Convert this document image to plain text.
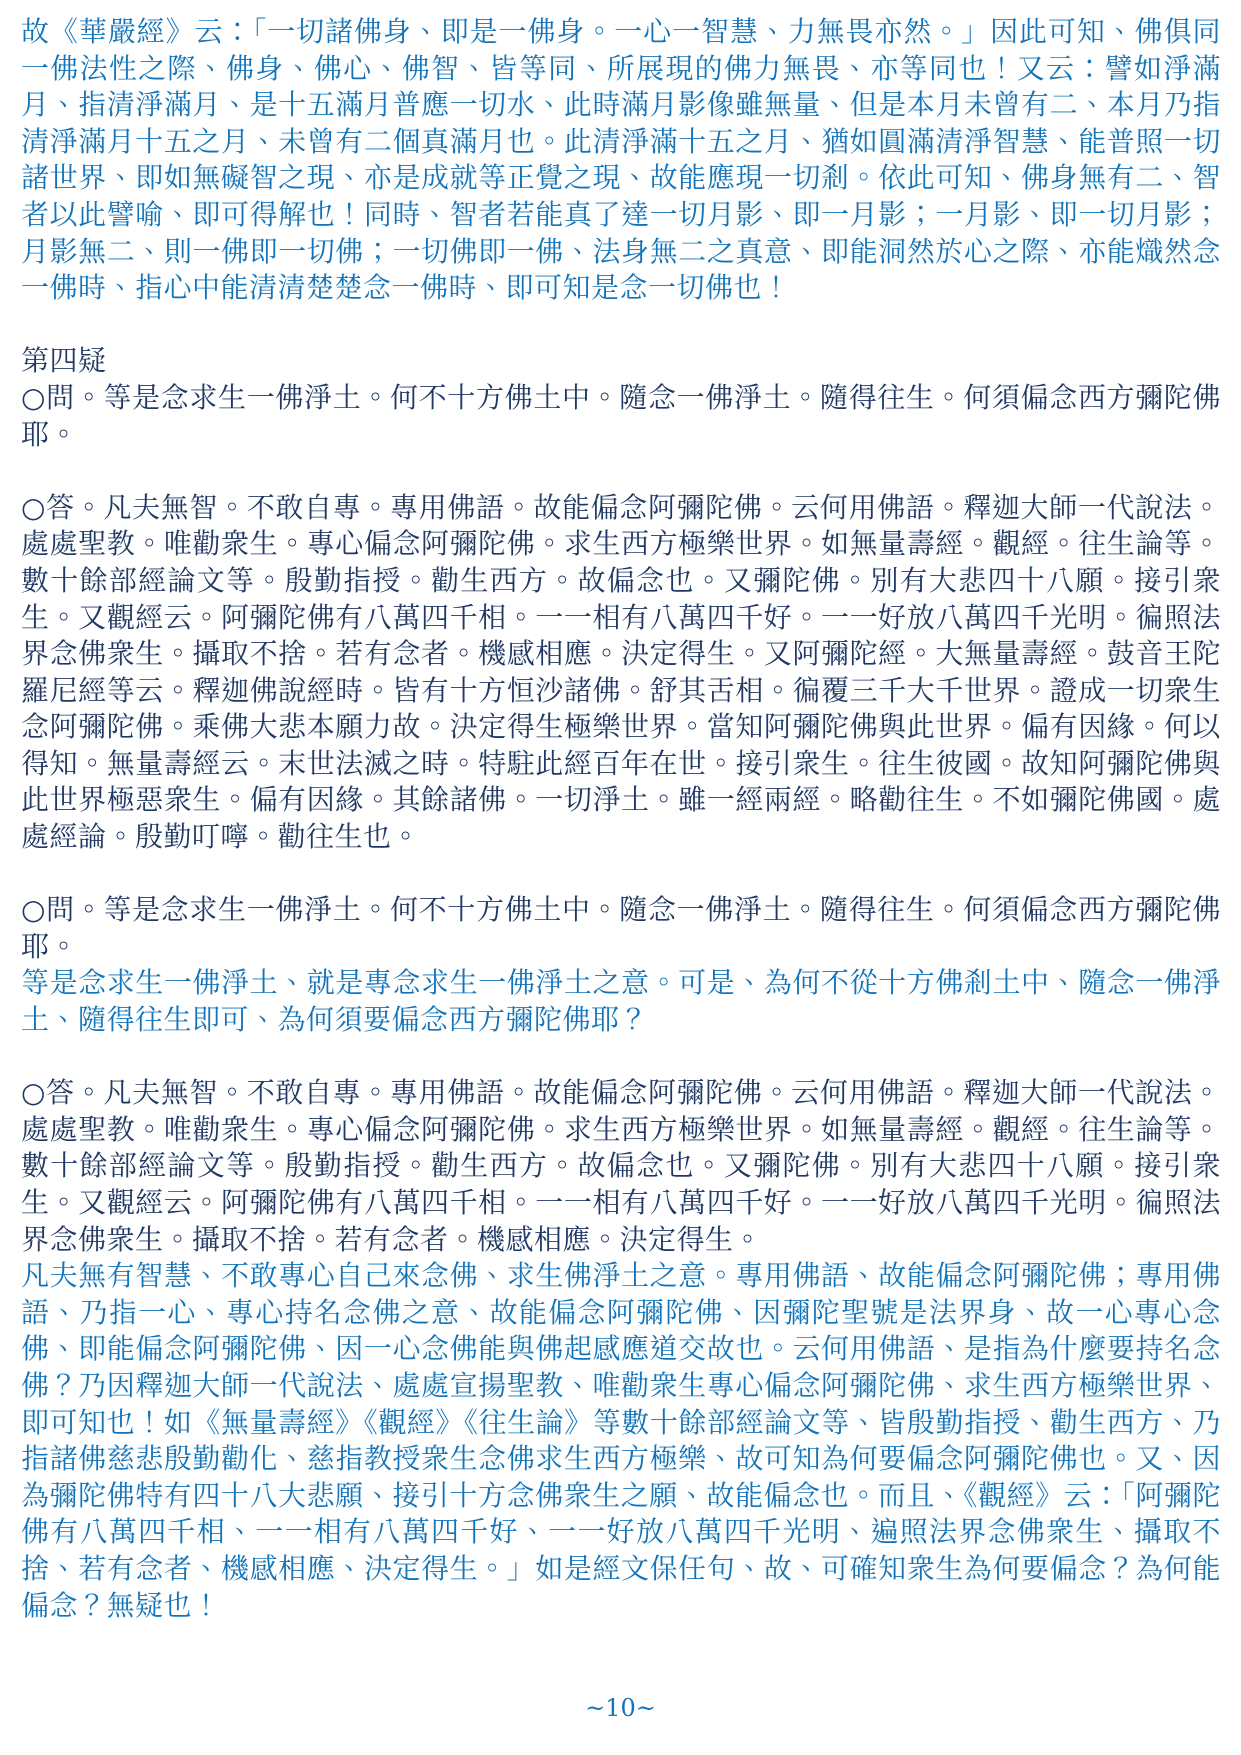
故《華嚴經》云：「一切諸佛身、即是一佛身。一心一智慧、力無畏亦然。」因此可知、佛俱同一佛法性之際、佛身、佛心、佛智、皆等同、所展現的佛力無畏、亦等同也！又云：譬如淨滿月、指清淨滿月、是十五滿月普應一切水、此時滿月影像雖無量、但是本月未曾有二、本月乃指清淨滿月十五之月、未曾有二個真滿月也。此清淨滿十五之月、猶如圓滿清淨智慧、能普照一切諸世界、即如無礙智之現、亦是成就等正覺之現、故能應現一切剎。依此可知、佛身無有二、智者以此譬喻、即可得解也！同時、智者若能真了達一切月影、即一月影；一月影、即一切月影；月影無二、則一佛即一切佛；一切佛即一佛、法身無二之真意、即能洞然於心之際、亦能熾然念一佛時、指心中能清清楚楚念一佛時、即可知是念一切佛也！

第四疑

○問。等是念求生一佛淨土。何不十方佛土中。隨念一佛淨土。隨得往生。何須偏念西方彌陀佛耶。

○答。凡夫無智。不敢自專。專用佛語。故能偏念阿彌陀佛。云何用佛語。釋迦大師一代說法。處處聖教。唯勸衆生。專心偏念阿彌陀佛。求生西方極樂世界。如無量壽經。觀經。往生論等。數十餘部經論文等。殷勤指授。勸生西方。故偏念也。又彌陀佛。別有大悲四十八願。接引衆生。又觀經云。阿彌陀佛有八萬四千相。一一相有八萬四千好。一一好放八萬四千光明。徧照法界念佛衆生。攝取不捨。若有念者。機感相應。決定得生。又阿彌陀經。大無量壽經。鼓音王陀羅尼經等云。釋迦佛說經時。皆有十方恒沙諸佛。舒其舌相。徧覆三千大千世界。證成一切衆生念阿彌陀佛。乘佛大悲本願力故。決定得生極樂世界。當知阿彌陀佛與此世界。偏有因緣。何以得知。無量壽經云。末世法滅之時。特駐此經百年在世。接引衆生。往生彼國。故知阿彌陀佛與此世界極惡衆生。偏有因緣。其餘諸佛。一切淨土。雖一經兩經。略勸往生。不如彌陀佛國。處處經論。殷勤叮嚀。勸往生也。

○問。等是念求生一佛淨土。何不十方佛土中。隨念一佛淨土。隨得往生。何須偏念西方彌陀佛耶。

等是念求生一佛淨土、就是專念求生一佛淨土之意。可是、為何不從十方佛剎土中、隨念一佛淨土、隨得往生即可、為何須要偏念西方彌陀佛耶？

○答。凡夫無智。不敢自專。專用佛語。故能偏念阿彌陀佛。云何用佛語。釋迦大師一代說法。處處聖教。唯勸衆生。專心偏念阿彌陀佛。求生西方極樂世界。如無量壽經。觀經。往生論等。數十餘部經論文等。殷勤指授。勸生西方。故偏念也。又彌陀佛。別有大悲四十八願。接引衆生。又觀經云。阿彌陀佛有八萬四千相。一一相有八萬四千好。一一好放八萬四千光明。徧照法界念佛衆生。攝取不捨。若有念者。機感相應。決定得生。

凡夫無有智慧、不敢專心自己來念佛、求生佛淨土之意。專用佛語、故能偏念阿彌陀佛；專用佛語、乃指一心、專心持名念佛之意、故能偏念阿彌陀佛、因彌陀聖號是法界身、故一心專心念佛、即能偏念阿彌陀佛、因一心念佛能與佛起感應道交故也。云何用佛語、是指為什麼要持名念佛？乃因釋迦大師一代說法、處處宣揚聖教、唯勸衆生專心偏念阿彌陀佛、求生西方極樂世界、即可知也！如《無量壽經》《觀經》《往生論》等數十餘部經論文等、皆殷勤指授、勸生西方、乃指諸佛慈悲殷勤勸化、慈指教授衆生念佛求生西方極樂、故可知為何要偏念阿彌陀佛也。又、因為彌陀佛特有四十八大悲願、接引十方念佛衆生之願、故能偏念也。而且、《觀經》云：「阿彌陀佛有八萬四千相、一一相有八萬四千好、一一好放八萬四千光明、遍照法界念佛衆生、攝取不捨、若有念者、機感相應、決定得生。」如是經文保任句、故、可確知衆生為何要偏念？為何能偏念？無疑也！

~10~
